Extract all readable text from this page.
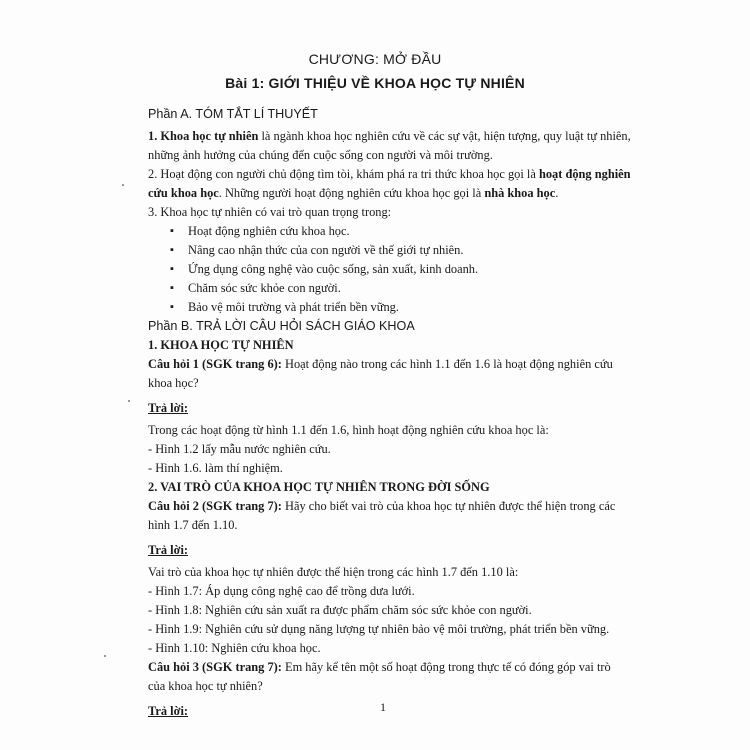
CHƯƠNG: MỞ ĐẦU
Bài 1: GIỚI THIỆU VỀ KHOA HỌC TỰ NHIÊN

Phần A. TÓM TẮT LÍ THUYẾT

1. Khoa học tự nhiên là ngành khoa học nghiên cứu về các sự vật, hiện tượng, quy luật tự nhiên,
những ảnh hưởng của chúng đến cuộc sống con người và môi trường.

2. Hoạt động con người chủ động tìm tòi, khám phá ra tri thức khoa học gọi là hoạt động nghiên
cứu khoa học. Những người hoạt động nghiên cứu khoa học gọi là nhà khoa học.

3. Khoa học tự nhiên có vai trò quan trọng trong:

▪ Hoạt động nghiên cứu khoa học.
▪ Nâng cao nhận thức của con người về thế giới tự nhiên.
▪ Ứng dụng công nghệ vào cuộc sống, sản xuất, kinh doanh.
▪ Chăm sóc sức khỏe con người.
▪ Bảo vệ môi trường và phát triển bền vững.

Phần B. TRẢ LỜI CÂU HỎI SÁCH GIÁO KHOA

1. KHOA HỌC TỰ NHIÊN

Câu hỏi 1 (SGK trang 6): Hoạt động nào trong các hình 1.1 đến 1.6 là hoạt động nghiên cứu
khoa học?

Trả lời:

Trong các hoạt động từ hình 1.1 đến 1.6, hình hoạt động nghiên cứu khoa học là:

- Hình 1.2 lấy mẫu nước nghiên cứu.

- Hình 1.6. làm thí nghiệm.

2. VAI TRÒ CỦA KHOA HỌC TỰ NHIÊN TRONG ĐỜI SỐNG

Câu hỏi 2 (SGK trang 7): Hãy cho biết vai trò của khoa học tự nhiên được thể hiện trong các
hình 1.7 đến 1.10.

Trả lời:

Vai trò của khoa học tự nhiên được thể hiện trong các hình 1.7 đến 1.10 là:

- Hình 1.7: Áp dụng công nghệ cao để trồng dưa lưới.

- Hình 1.8: Nghiên cứu sản xuất ra được phẩm chăm sóc sức khỏe con người.

- Hình 1.9: Nghiên cứu sử dụng năng lượng tự nhiên bảo vệ môi trường, phát triển bền vững.

- Hình 1.10: Nghiên cứu khoa học.

Câu hỏi 3 (SGK trang 7): Em hãy kể tên một số hoạt động trong thực tế có đóng góp vai trò
của khoa học tự nhiên?

Trả lời:	1
